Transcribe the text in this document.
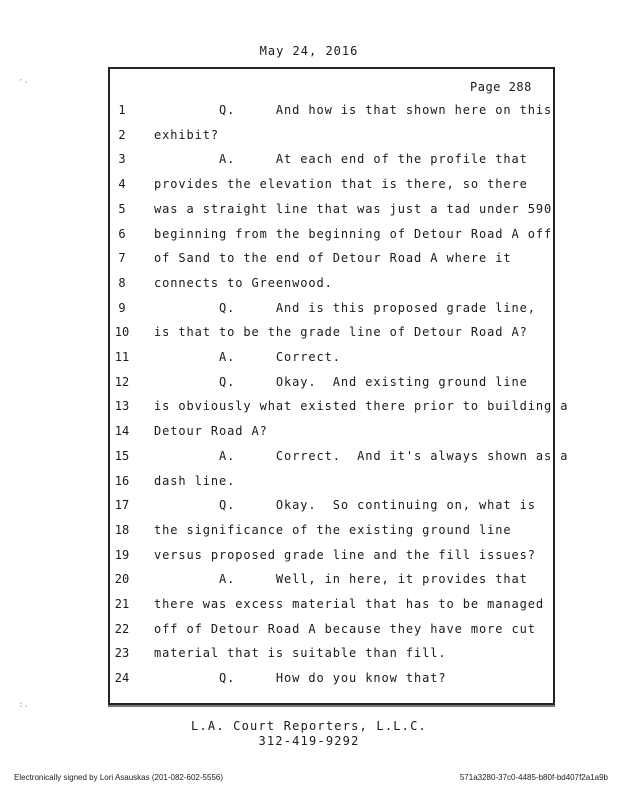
May 24, 2016
Page 288
1	Q.     And how is that shown here on this
2	exhibit?
3	A.     At each end of the profile that
4	provides the elevation that is there, so there
5	was a straight line that was just a tad under 590
6	beginning from the beginning of Detour Road A off
7	of Sand to the end of Detour Road A where it
8	connects to Greenwood.
9	Q.     And is this proposed grade line,
10	is that to be the grade line of Detour Road A?
11	A.     Correct.
12	Q.     Okay.  And existing ground line
13	is obviously what existed there prior to building a
14	Detour Road A?
15	A.     Correct.  And it's always shown as a
16	dash line.
17	Q.     Okay.  So continuing on, what is
18	the significance of the existing ground line
19	versus proposed grade line and the fill issues?
20	A.     Well, in here, it provides that
21	there was excess material that has to be managed
22	off of Detour Road A because they have more cut
23	material that is suitable than fill.
24	Q.     How do you know that?
L.A. Court Reporters, L.L.C.
312-419-9292
Electronically signed by Lori Asauskas (201-082-602-5556)	571a3280-37c0-4485-b80f-bd407f2a1a9b
·.
:.
